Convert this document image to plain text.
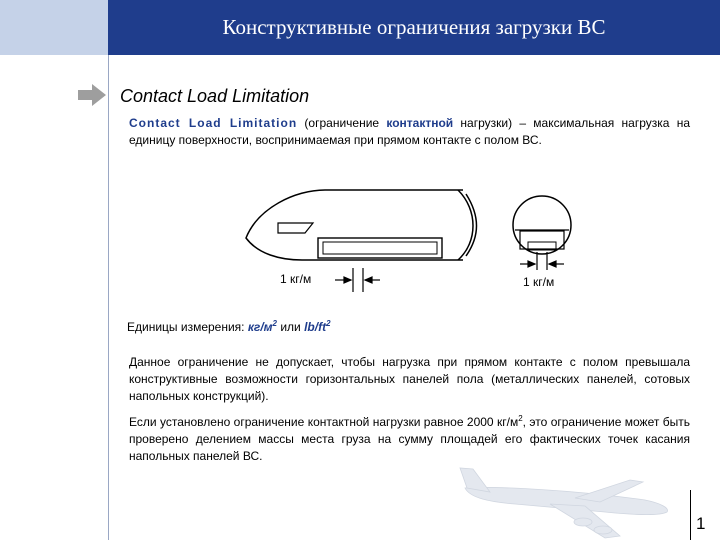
Конструктивные ограничения загрузки ВС
Contact Load Limitation
Contact Load Limitation (ограничение контактной нагрузки) – максимальная нагрузка на единицу поверхности, воспринимаемая при прямом контакте с полом ВС.
1 кг/м	1 кг/м
Единицы измерения: $кг/м^2$ или $lb/ft^2$
Данное ограничение не допускает, чтобы нагрузка при прямом контакте с полом превышала конструктивные возможности горизонтальных панелей пола (металлических панелей, сотовых напольных конструкций).
Если установлено ограничение контактной нагрузки равное 2000 $кг/м^2$, это ограничение может быть проверено делением массы места груза на сумму площадей его фактических точек касания напольных панелей ВС.
1
